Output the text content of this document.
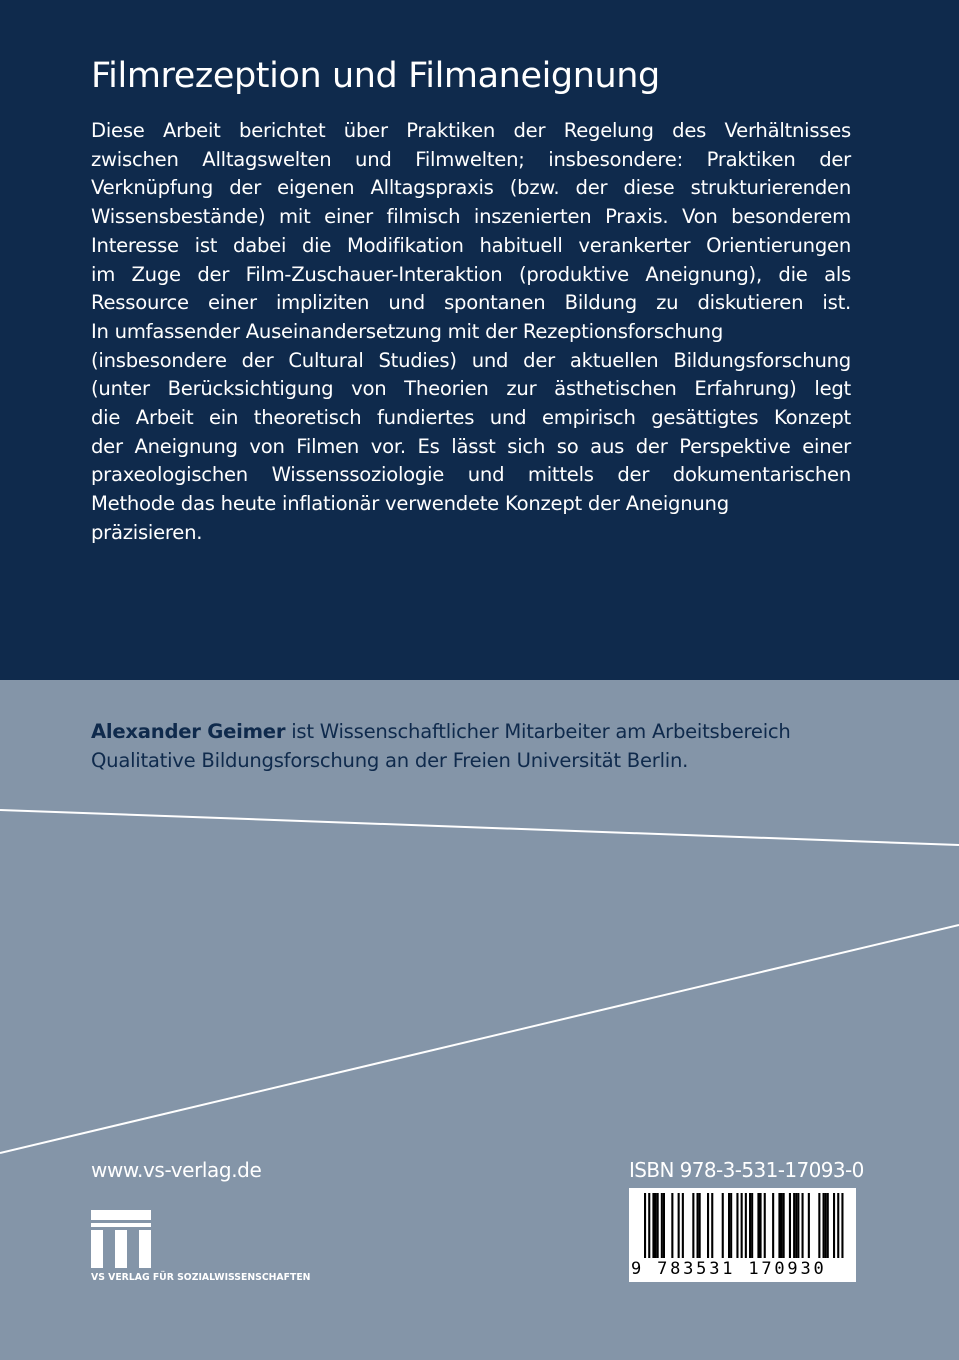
Filmrezeption und Filmaneignung

Diese Arbeit berichtet über Praktiken der Regelung des Verhältnisses
zwischen Alltagswelten und Filmwelten; insbesondere: Praktiken der
Verknüpfung der eigenen Alltagspraxis (bzw. der diese strukturierenden
Wissensbestände) mit einer filmisch inszenierten Praxis. Von besonderem
Interesse ist dabei die Modifikation habituell verankerter Orientierungen
im Zuge der Film-Zuschauer-Interaktion (produktive Aneignung), die als
Ressource einer impliziten und spontanen Bildung zu diskutieren ist.
In umfassender Auseinandersetzung mit der Rezeptionsforschung
(insbesondere der Cultural Studies) und der aktuellen Bildungsforschung
(unter Berücksichtigung von Theorien zur ästhetischen Erfahrung) legt
die Arbeit ein theoretisch fundiertes und empirisch gesättigtes Konzept
der Aneignung von Filmen vor. Es lässt sich so aus der Perspektive einer
praxeologischen Wissenssoziologie und mittels der dokumentarischen
Methode das heute inflationär verwendete Konzept der Aneignung
präzisieren.

Alexander Geimer ist Wissenschaftlicher Mitarbeiter am Arbeitsbereich
Qualitative Bildungsforschung an der Freien Universität Berlin.

www.vs-verlag.de
VS VERLAG FÜR SOZIALWISSENSCHAFTEN
ISBN 978-3-531-17093-0
9 783531 170930
